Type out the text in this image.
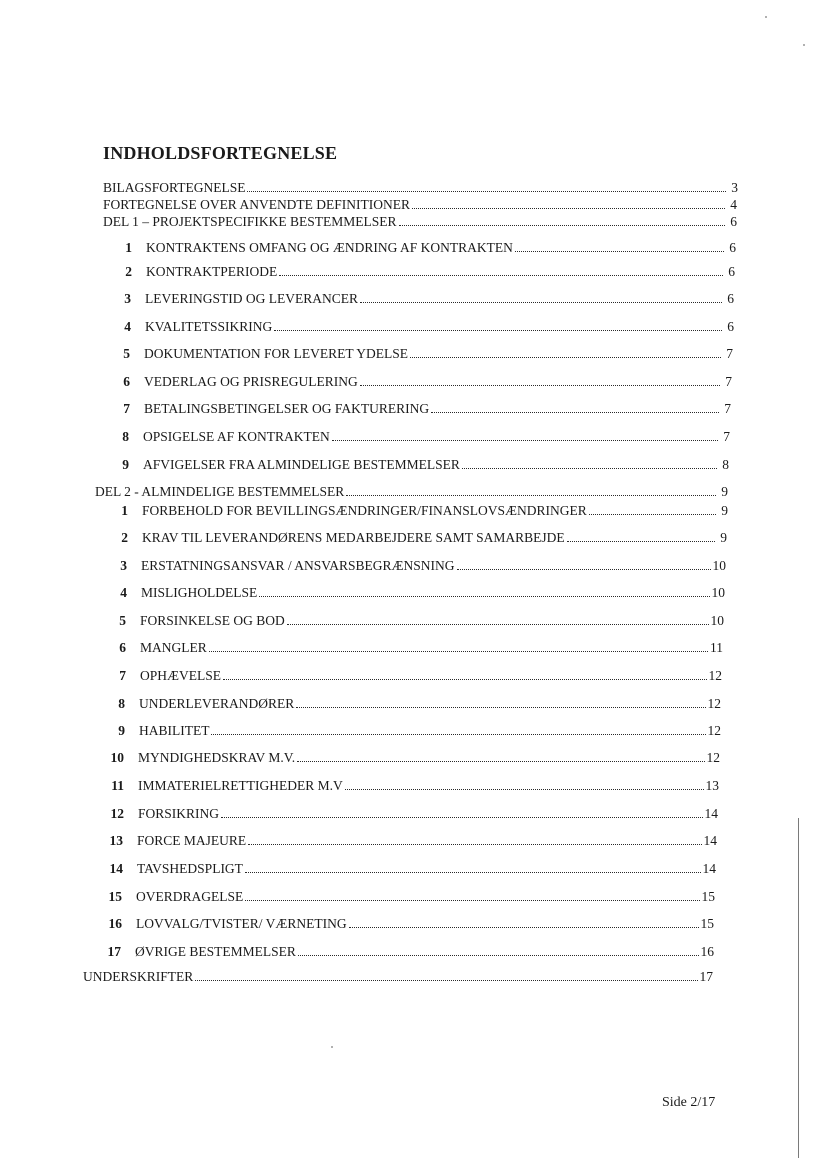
INDHOLDSFORTEGNELSE
BILAGSFORTEGNELSE	3
FORTEGNELSE OVER ANVENDTE DEFINITIONER	4
DEL 1 – PROJEKTSPECIFIKKE BESTEMMELSER	6
1 KONTRAKTENS OMFANG OG ÆNDRING AF KONTRAKTEN	6
2 KONTRAKTPERIODE	6
3 LEVERINGSTID OG LEVERANCER	6
4 KVALITETSSIKRING	6
5 DOKUMENTATION FOR LEVERET YDELSE	7
6 VEDERLAG OG PRISREGULERING	7
7 BETALINGSBETINGELSER OG FAKTURERING	7
8 OPSIGELSE AF KONTRAKTEN	7
9 AFVIGELSER FRA ALMINDELIGE BESTEMMELSER	8
DEL 2 - ALMINDELIGE BESTEMMELSER	9
1 FORBEHOLD FOR BEVILLINGSÆNDRINGER/FINANSLOVSÆNDRINGER	9
2 KRAV TIL LEVERANDØRENS MEDARBEJDERE SAMT SAMARBEJDE	9
3 ERSTATNINGSANSVAR / ANSVARSBEGRÆNSNING	10
4 MISLIGHOLDELSE	10
5 FORSINKELSE OG BOD	10
6 MANGLER	11
7 OPHÆVELSE	12
8 UNDERLEVERANDØRER	12
9 HABILITET	12
10 MYNDIGHEDSKRAV M.V.	12
11 IMMATERIELRETTIGHEDER M.V	13
12 FORSIKRING	14
13 FORCE MAJEURE	14
14 TAVSHEDSPLIGT	14
15 OVERDRAGELSE	15
16 LOVVALG/TVISTER/ VÆRNETING	15
17 ØVRIGE BESTEMMELSER	16
UNDERSKRIFTER	17
Side 2/17
